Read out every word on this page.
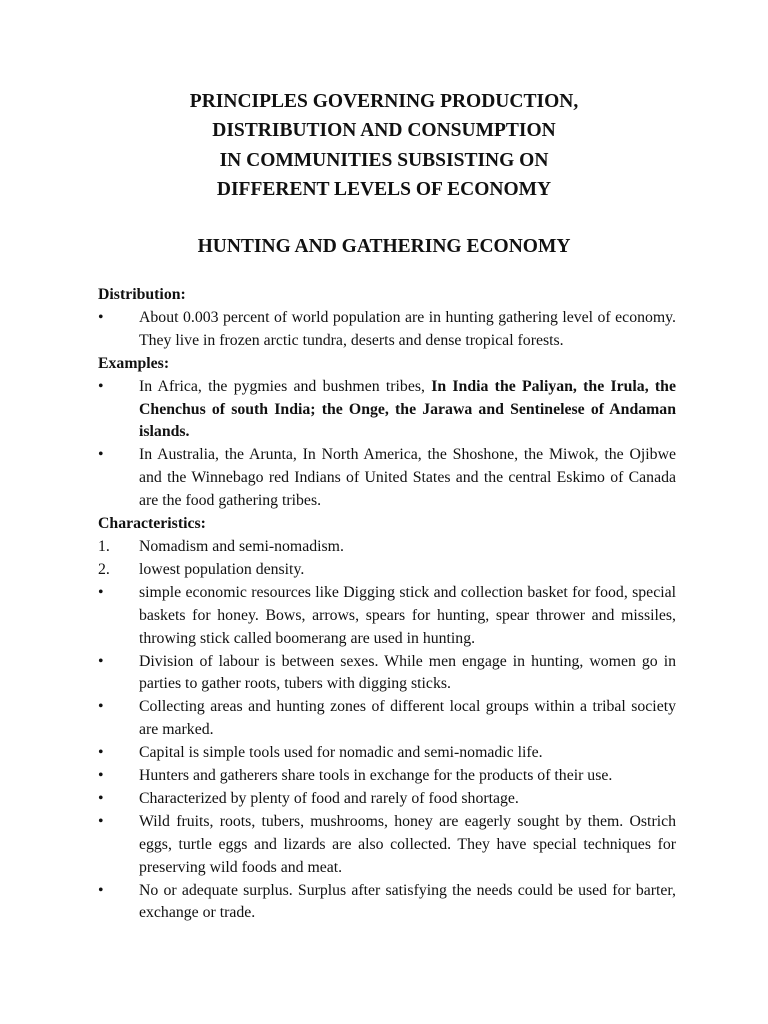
PRINCIPLES GOVERNING PRODUCTION,
DISTRIBUTION AND CONSUMPTION
IN COMMUNITIES SUBSISTING ON
DIFFERENT LEVELS OF ECONOMY
HUNTING AND GATHERING ECONOMY
Distribution:
• About 0.003 percent of world population are in hunting gathering level of economy. They live in frozen arctic tundra, deserts and dense tropical forests.
Examples:
• In Africa, the pygmies and bushmen tribes, In India the Paliyan, the Irula, the Chenchus of south India; the Onge, the Jarawa and Sentinelese of Andaman islands.
• In Australia, the Arunta, In North America, the Shoshone, the Miwok, the Ojibwe and the Winnebago red Indians of United States and the central Eskimo of Canada are the food gathering tribes.
Characteristics:
1. Nomadism and semi-nomadism.
2. lowest population density.
• simple economic resources like Digging stick and collection basket for food, special baskets for honey. Bows, arrows, spears for hunting, spear thrower and missiles, throwing stick called boomerang are used in hunting.
• Division of labour is between sexes. While men engage in hunting, women go in parties to gather roots, tubers with digging sticks.
• Collecting areas and hunting zones of different local groups within a tribal society are marked.
• Capital is simple tools used for nomadic and semi-nomadic life.
• Hunters and gatherers share tools in exchange for the products of their use.
• Characterized by plenty of food and rarely of food shortage.
• Wild fruits, roots, tubers, mushrooms, honey are eagerly sought by them. Ostrich eggs, turtle eggs and lizards are also collected. They have special techniques for preserving wild foods and meat.
• No or adequate surplus. Surplus after satisfying the needs could be used for barter, exchange or trade.
